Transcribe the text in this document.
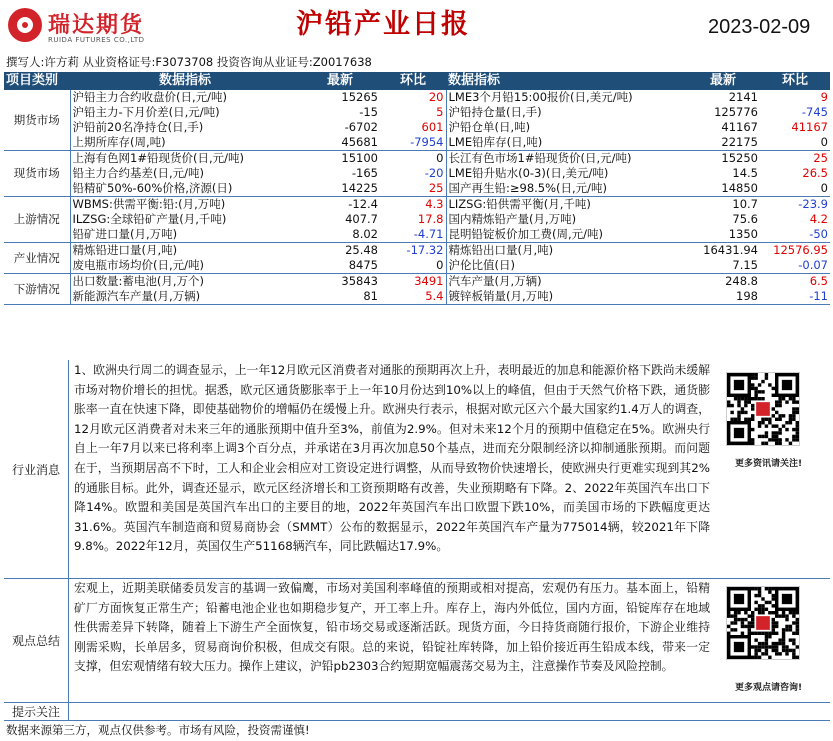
瑞达期货
RUIDA FUTURES CO.,LTD	沪铅产业日报	2023-02-09
撰写人:许方莉 从业资格证号:F3073708 投资咨询从业证号:Z0017638
项目类别	数据指标	最新	环比	数据指标	最新	环比
期货市场	沪铅主力合约收盘价(日,元/吨)	15265	20	LME3个月铅15:00报价(日,美元/吨)	2141	9
	沪铅主力-下月价差(日,元/吨)	-15	5	沪铅持仓量(日,手)	125776	-745
	沪铅前20名净持仓(日,手)	-6702	601	沪铅仓单(日,吨)	41167	41167
	上期所库存(周,吨)	45681	-7954	LME铅库存(日,吨)	22175	0
现货市场	上海有色网1#铅现货价(日,元/吨)	15100	0	长江有色市场1#铅现货价(日,元/吨)	15250	25
	铅主力合约基差(日,元/吨)	-165	-20	LME铅升贴水(0-3)(日,美元/吨)	14.5	26.5
	铅精矿50%-60%价格,济源(日)	14225	25	国产再生铅:≥98.5%(日,元/吨)	14850	0
上游情况	WBMS:供需平衡:铅:(月,万吨)	-12.4	4.3	LIZSG:铅供需平衡(月,千吨)	10.7	-23.9
	ILZSG:全球铅矿产量(月,千吨)	407.7	17.8	国内精炼铅产量(月,万吨)	75.6	4.2
	铅矿进口量(月,万吨)	8.02	-4.71	昆明铅锭板价加工费(周,元/吨)	1350	-50
产业情况	精炼铅进口量(月,吨)	25.48	-17.32	精炼铅出口量(月,吨)	16431.94	12576.95
	废电瓶市场均价(日,元/吨)	8475	0	沪伦比值(日)	7.15	-0.07
下游情况	出口数量:蓄电池(月,万个)	35843	3491	汽车产量(月,万辆)	248.8	6.5
	新能源汽车产量(月,万辆)	81	5.4	镀锌板销量(月,万吨)	198	-11
行业消息
1、欧洲央行周二的调查显示，上一年12月欧元区消费者对通胀的预期再次上升，表明最近的加息和能源价格下跌尚未缓解市场对物价增长的担忧。据悉，欧元区通货膨胀率于上一年10月份达到10%以上的峰值，但由于天然气价格下跌，通货膨胀率一直在快速下降，即使基础物价的增幅仍在缓慢上升。欧洲央行表示，根据对欧元区六个最大国家约1.4万人的调查，12月欧元区消费者对未来三年的通胀预期中值升至3%，前值为2.9%。但对未来12个月的预期中值稳定在5%。欧洲央行自上一年7月以来已将利率上调3个百分点，并承诺在3月再次加息50个基点，进而充分限制经济以抑制通胀预期。而问题在于，当预期居高不下时，工人和企业会相应对工资设定进行调整，从而导致物价快速增长，使欧洲央行更难实现到其2%的通胀目标。此外，调查还显示，欧元区经济增长和工资预期略有改善，失业预期略有下降。2、2022年英国汽车出口下降14%。欧盟和美国是英国汽车出口的主要目的地，2022年英国汽车出口欧盟下跌10%，而美国市场的下跌幅度更达31.6%。英国汽车制造商和贸易商协会（SMMT）公布的数据显示，2022年英国汽车产量为775014辆，较2021年下降9.8%。2022年12月，英国仅生产51168辆汽车，同比跌幅达17.9%。
更多资讯请关注!
观点总结
宏观上，近期美联储委员发言的基调一致偏鹰，市场对美国利率峰值的预期或相对提高，宏观仍有压力。基本面上，铅精矿厂方面恢复正常生产；铅蓄电池企业也如期稳步复产，开工率上升。库存上，海内外低位，国内方面，铅锭库存在地域性供需差异下转降，随着上下游生产全面恢复，铅市场交易或逐渐活跃。现货方面，今日持货商随行报价，下游企业维持刚需采购，长单居多，贸易商询价积极，但成交有限。总的来说，铅锭社库转降，加上铅价接近再生铅成本线，带来一定支撑，但宏观情绪有较大压力。操作上建议，沪铅pb2303合约短期宽幅震荡交易为主，注意操作节奏及风险控制。
更多观点请咨询!
提示关注
数据来源第三方，观点仅供参考。市场有风险，投资需谨慎!
